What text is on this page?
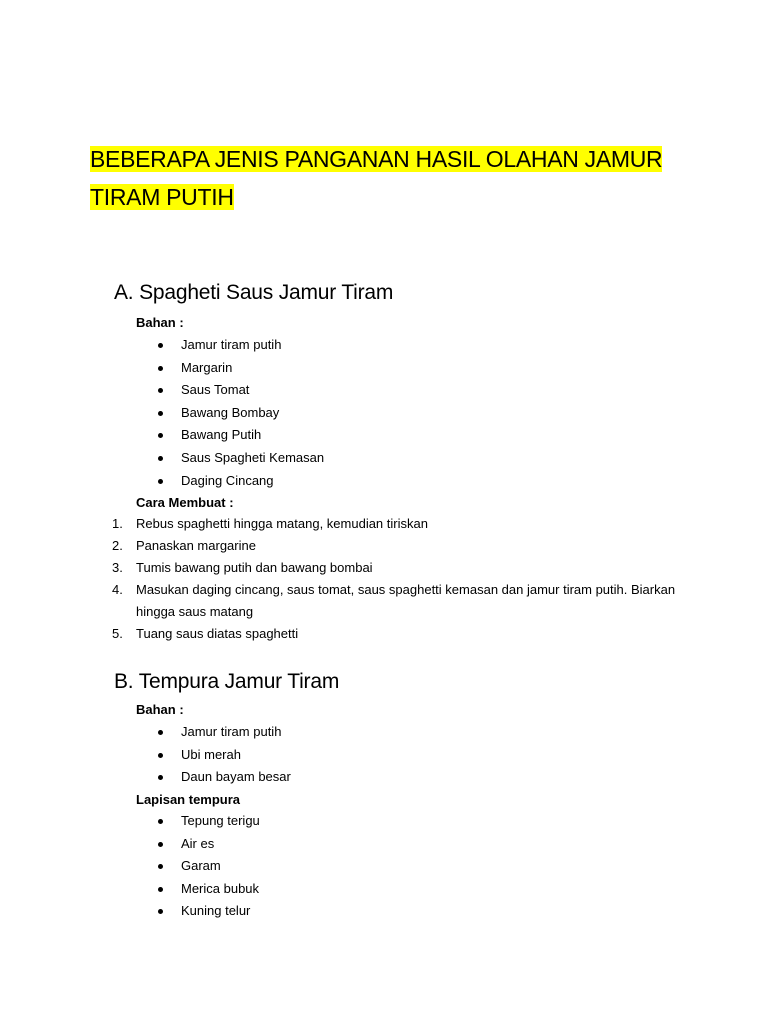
BEBERAPA JENIS PANGANAN HASIL OLAHAN JAMUR
TIRAM PUTIH
A. Spagheti Saus Jamur Tiram
Bahan :
Jamur tiram putih
Margarin
Saus Tomat
Bawang Bombay
Bawang Putih
Saus Spagheti Kemasan
Daging Cincang
Cara Membuat :
1. Rebus spaghetti hingga matang, kemudian tiriskan
2. Panaskan margarine
3. Tumis bawang putih dan bawang bombai
4. Masukan daging cincang, saus tomat, saus spaghetti kemasan dan jamur tiram putih. Biarkan hingga saus matang
5. Tuang saus diatas spaghetti
B. Tempura Jamur Tiram
Bahan :
Jamur tiram putih
Ubi merah
Daun bayam besar
Lapisan tempura
Tepung terigu
Air es
Garam
Merica bubuk
Kuning telur
